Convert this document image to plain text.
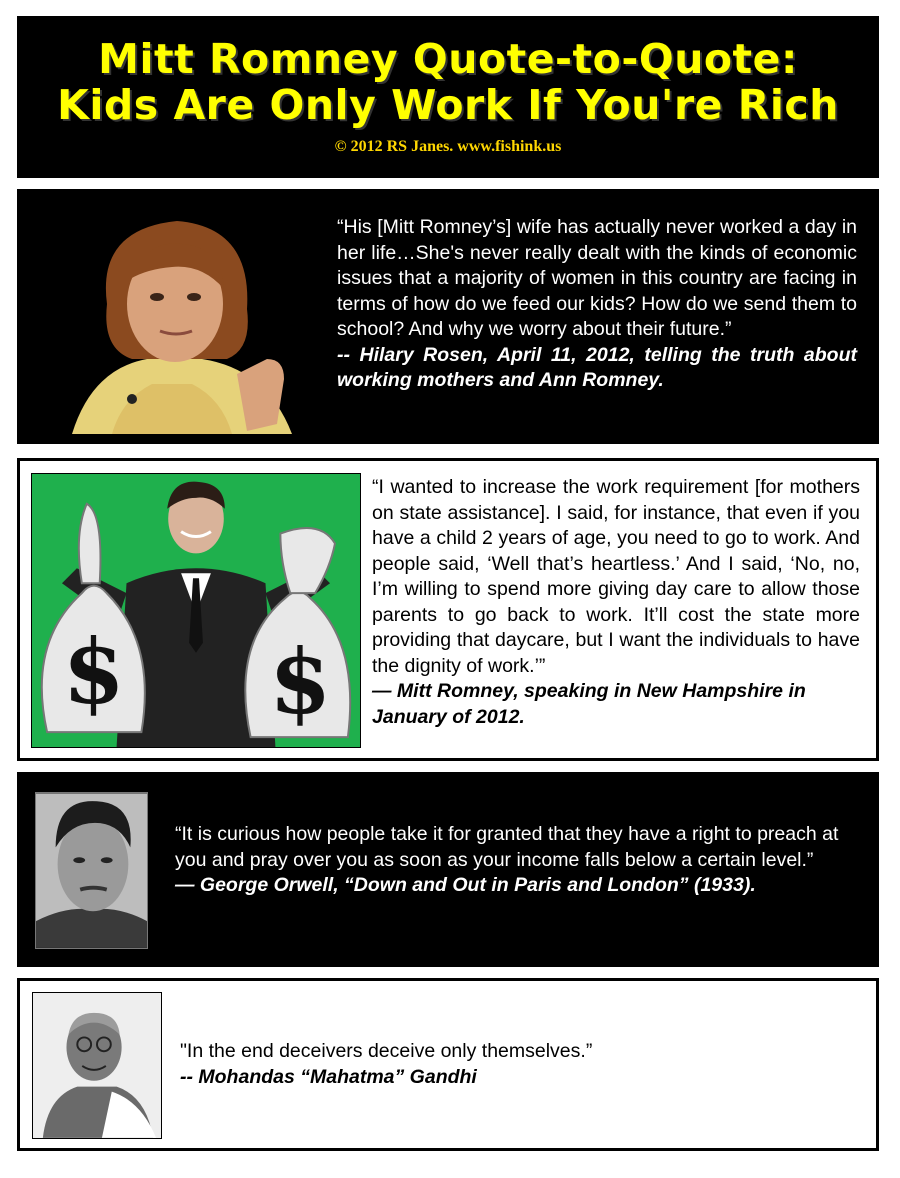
Mitt Romney Quote-to-Quote:
Kids Are Only Work If You're Rich
© 2012 RS Janes. www.fishink.us
“His [Mitt Romney’s] wife has actually never worked a day in her life…She's never really dealt with the kinds of economic issues that a majority of women in this country are facing in terms of how do we feed our kids? How do we send them to school? And why we worry about their future.”
-- Hilary Rosen, April 11, 2012, telling the truth about working mothers and Ann Romney.
$ $
“I wanted to increase the work requirement [for mothers on state assistance]. I said, for instance, that even if you have a child 2 years of age, you need to go to work. And people said, ‘Well that’s heartless.’ And I said, ‘No, no, I’m willing to spend more giving day care to allow those parents to go back to work. It’ll cost the state more providing that daycare, but I want the individuals to have the dignity of work.’”
— Mitt Romney, speaking in New Hampshire in January of 2012.
“It is curious how people take it for granted that they have a right to preach at you and pray over you as soon as your income falls below a certain level.”
— George Orwell, “Down and Out in Paris and London” (1933).
"In the end deceivers deceive only themselves.”
-- Mohandas “Mahatma” Gandhi
